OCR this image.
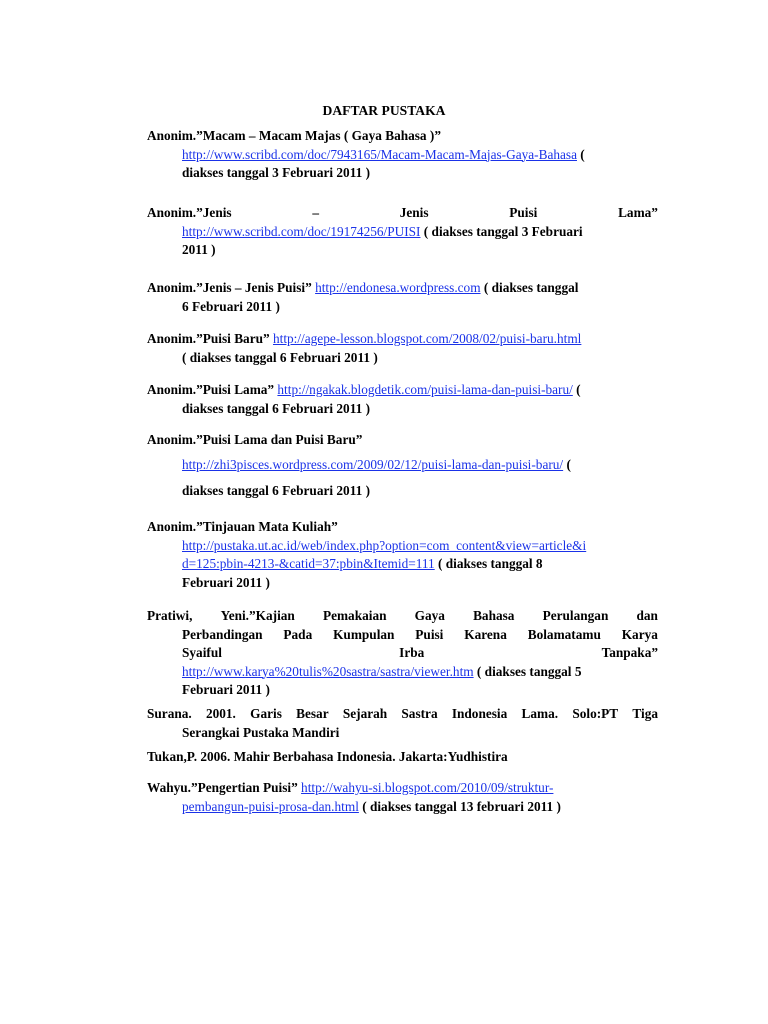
DAFTAR PUSTAKA
Anonim.”Macam – Macam Majas ( Gaya Bahasa )”
http://www.scribd.com/doc/7943165/Macam-Macam-Majas-Gaya-Bahasa (
diakses tanggal 3 Februari 2011 )
Anonim.”Jenis	–	Jenis	Puisi	Lama”
http://www.scribd.com/doc/19174256/PUISI ( diakses tanggal 3 Februari
2011 )
Anonim.”Jenis – Jenis Puisi” http://endonesa.wordpress.com ( diakses tanggal
6 Februari 2011 )
Anonim.”Puisi Baru” http://agepe-lesson.blogspot.com/2008/02/puisi-baru.html
( diakses tanggal 6 Februari 2011 )
Anonim.”Puisi Lama” http://ngakak.blogdetik.com/puisi-lama-dan-puisi-baru/ (
diakses tanggal 6 Februari 2011 )
Anonim.”Puisi Lama dan Puisi Baru”
http://zhi3pisces.wordpress.com/2009/02/12/puisi-lama-dan-puisi-baru/ (
diakses tanggal 6 Februari 2011 )
Anonim.”Tinjauan Mata Kuliah”
http://pustaka.ut.ac.id/web/index.php?option=com_content&view=article&i
d=125:pbin-4213-&catid=37:pbin&Itemid=111 ( diakses tanggal 8
Februari 2011 )
Pratiwi, Yeni.”Kajian Pemakaian Gaya Bahasa Perulangan dan
Perbandingan Pada Kumpulan Puisi Karena Bolamatamu Karya
Syaiful	Irba	Tanpaka”
http://www.karya%20tulis%20sastra/sastra/viewer.htm ( diakses tanggal 5
Februari 2011 )
Surana. 2001. Garis Besar Sejarah Sastra Indonesia Lama. Solo:PT Tiga
Serangkai Pustaka Mandiri
Tukan,P. 2006. Mahir Berbahasa Indonesia. Jakarta:Yudhistira
Wahyu.”Pengertian Puisi” http://wahyu-si.blogspot.com/2010/09/struktur-
pembangun-puisi-prosa-dan.html ( diakses tanggal 13 februari 2011 )
